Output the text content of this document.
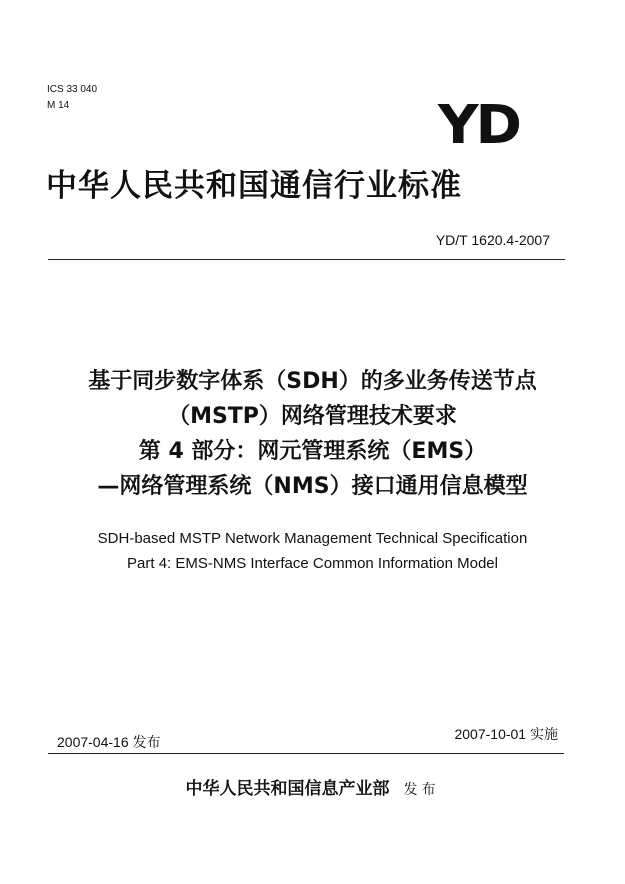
ICS 33 040
M 14	YD
中华人民共和国通信行业标准
YD/T 1620.4-2007
基于同步数字体系（SDH）的多业务传送节点
（MSTP）网络管理技术要求
第 4 部分：网元管理系统（EMS）
—网络管理系统（NMS）接口通用信息模型
SDH-based MSTP Network Management Technical Specification
Part 4: EMS-NMS Interface Common Information Model
2007-04-16 发布	2007-10-01 实施
中华人民共和国信息产业部 发布
